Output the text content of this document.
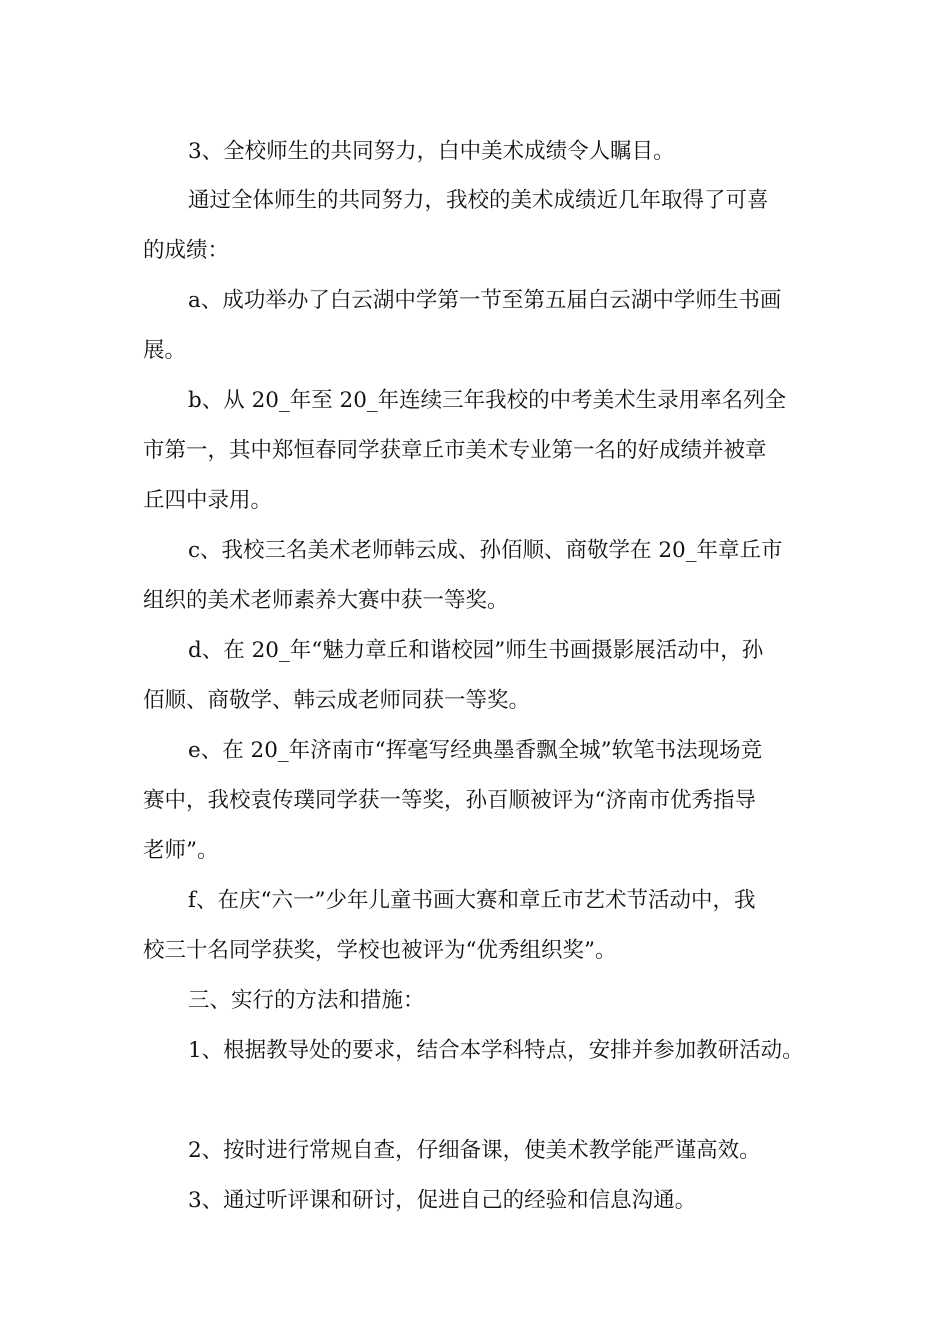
3、全校师生的共同努力，白中美术成绩令人瞩目。

通过全体师生的共同努力，我校的美术成绩近几年取得了可喜

的成绩：

a、成功举办了白云湖中学第一节至第五届白云湖中学师生书画

展。

b、从 20_年至 20_年连续三年我校的中考美术生录用率名列全

市第一，其中郑恒春同学获章丘市美术专业第一名的好成绩并被章

丘四中录用。

c、我校三名美术老师韩云成、孙佰顺、商敬学在 20_年章丘市

组织的美术老师素养大赛中获一等奖。

d、在 20_年“魅力章丘和谐校园”师生书画摄影展活动中，孙

佰顺、商敬学、韩云成老师同获一等奖。

e、在 20_年济南市“挥毫写经典墨香飘全城”软笔书法现场竞

赛中，我校袁传璞同学获一等奖，孙百顺被评为“济南市优秀指导

老师”。

f、在庆“六一”少年儿童书画大赛和章丘市艺术节活动中，我

校三十名同学获奖，学校也被评为“优秀组织奖”。

三、实行的方法和措施：

1、根据教导处的要求，结合本学科特点，安排并参加教研活动。

2、按时进行常规自查，仔细备课，使美术教学能严谨高效。

3、通过听评课和研讨，促进自己的经验和信息沟通。
